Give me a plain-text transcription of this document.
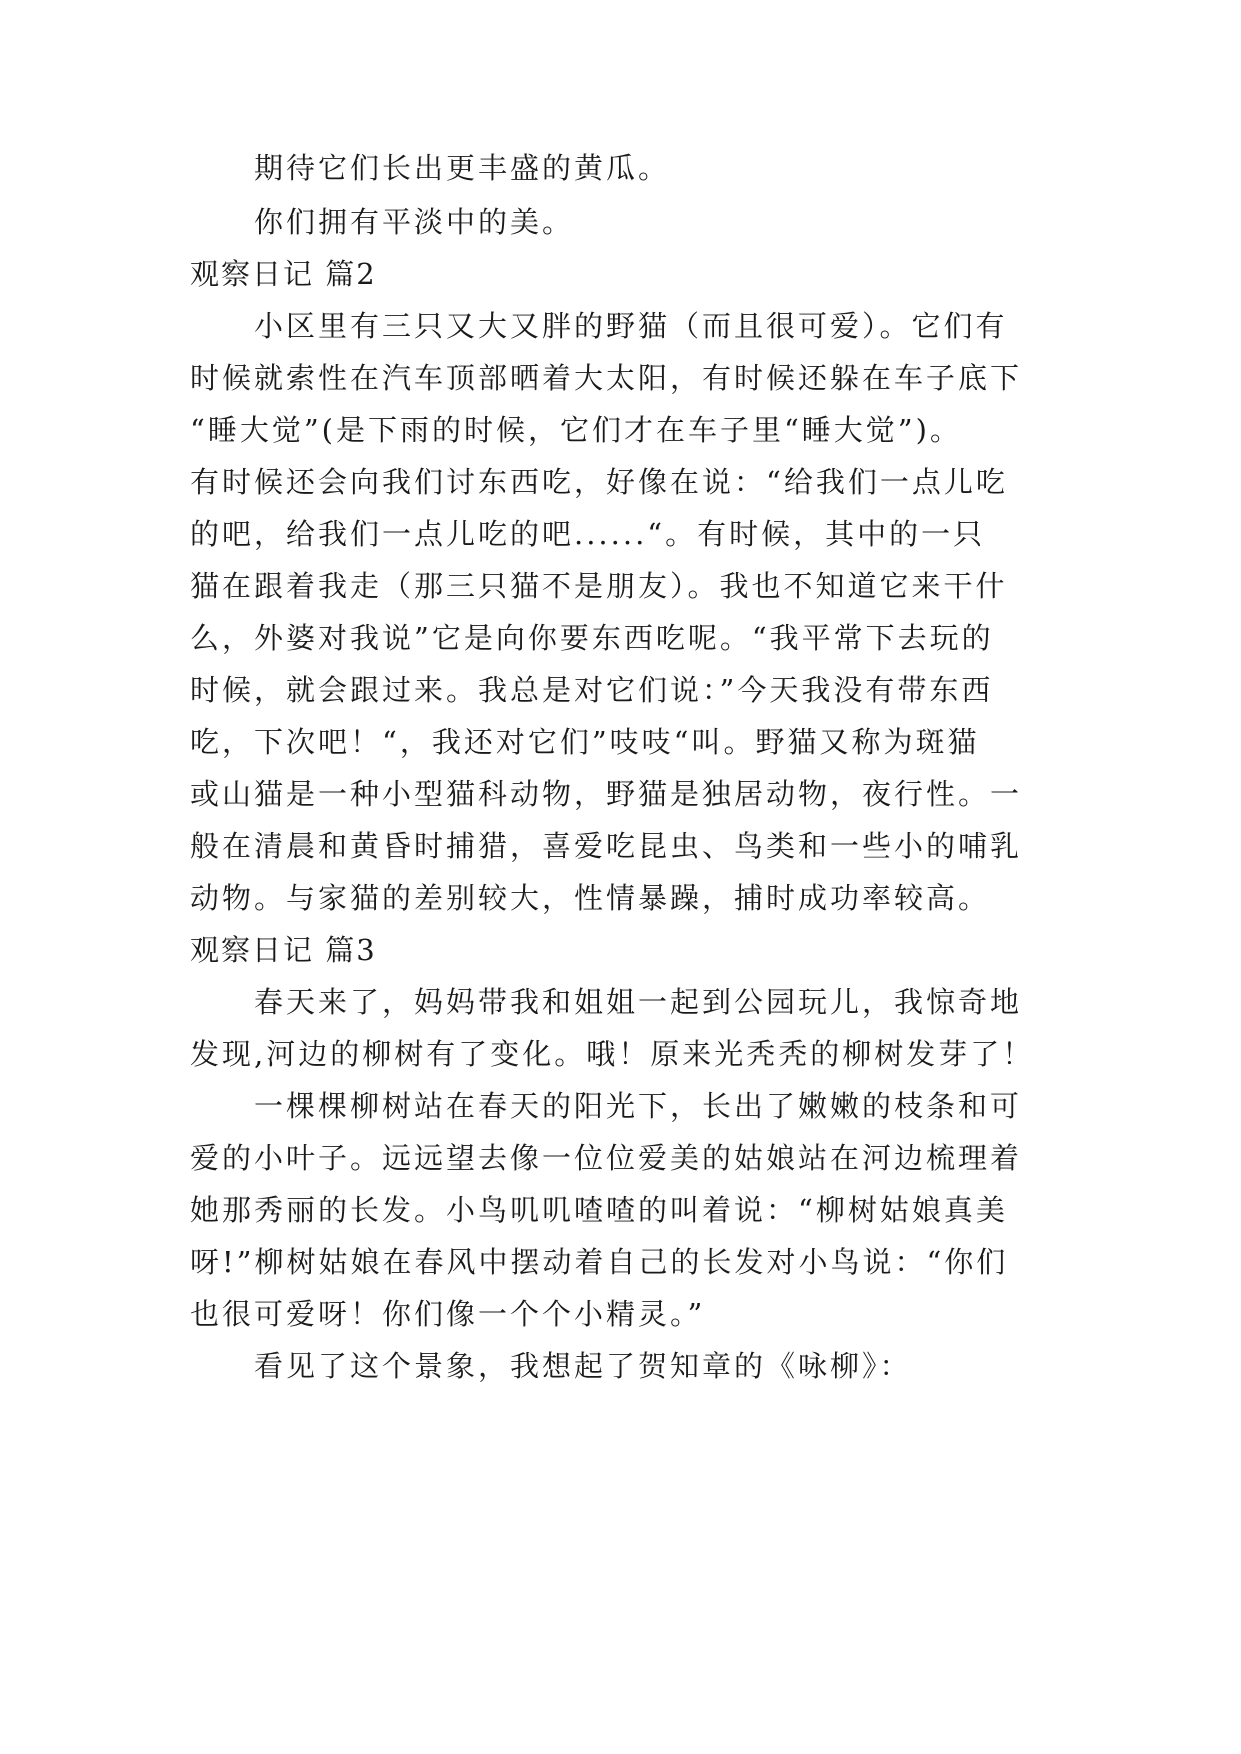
期待它们长出更丰盛的黄瓜。
你们拥有平淡中的美。
观察日记 篇2
小区里有三只又大又胖的野猫（而且很可爱）。它们有
时候就索性在汽车顶部晒着大太阳，有时候还躲在车子底下
“睡大觉”(是下雨的时候，它们才在车子里“睡大觉”)。
有时候还会向我们讨东西吃，好像在说：“给我们一点儿吃
的吧，给我们一点儿吃的吧......“。有时候，其中的一只
猫在跟着我走（那三只猫不是朋友）。我也不知道它来干什
么，外婆对我说”它是向你要东西吃呢。“我平常下去玩的
时候，就会跟过来。我总是对它们说：”今天我没有带东西
吃，下次吧！“，我还对它们”吱吱“叫。野猫又称为斑猫
或山猫是一种小型猫科动物，野猫是独居动物，夜行性。一
般在清晨和黄昏时捕猎，喜爱吃昆虫、鸟类和一些小的哺乳
动物。与家猫的差别较大，性情暴躁，捕时成功率较高。
观察日记 篇3
春天来了，妈妈带我和姐姐一起到公园玩儿，我惊奇地
发现,河边的柳树有了变化。哦！原来光秃秃的柳树发芽了！
一棵棵柳树站在春天的阳光下，长出了嫩嫩的枝条和可
爱的小叶子。远远望去像一位位爱美的姑娘站在河边梳理着
她那秀丽的长发。小鸟叽叽喳喳的叫着说：“柳树姑娘真美
呀!”柳树姑娘在春风中摆动着自己的长发对小鸟说：“你们
也很可爱呀！你们像一个个小精灵。”
看见了这个景象，我想起了贺知章的《咏柳》：
